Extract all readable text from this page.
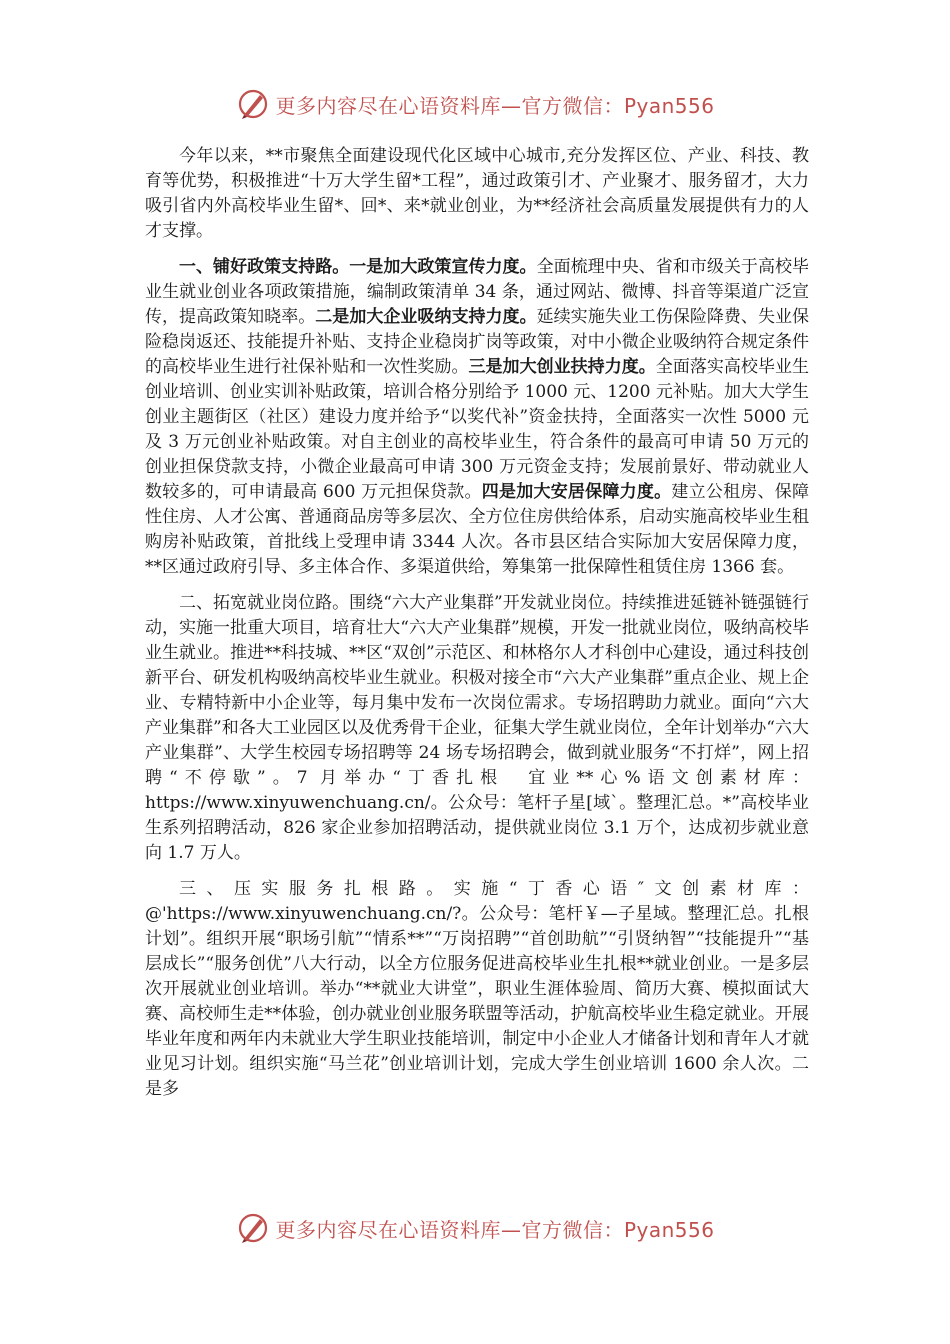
更多内容尽在心语资料库—官方微信：Pyan556

今年以来，**市聚焦全面建设现代化区域中心城市,充分发挥区位、产业、科技、教育等优势，积极推进“十万大学生留*工程”，通过政策引才、产业聚才、服务留才，大力吸引省内外高校毕业生留*、回*、来*就业创业，为**经济社会高质量发展提供有力的人才支撑。

一、铺好政策支持路。一是加大政策宣传力度。全面梳理中央、省和市级关于高校毕业生就业创业各项政策措施，编制政策清单 34 条，通过网站、微博、抖音等渠道广泛宣传，提高政策知晓率。二是加大企业吸纳支持力度。延续实施失业工伤保险降费、失业保险稳岗返还、技能提升补贴、支持企业稳岗扩岗等政策，对中小微企业吸纳符合规定条件的高校毕业生进行社保补贴和一次性奖励。三是加大创业扶持力度。全面落实高校毕业生创业培训、创业实训补贴政策，培训合格分别给予 1000 元、1200 元补贴。加大大学生创业主题街区（社区）建设力度并给予“以奖代补”资金扶持，全面落实一次性 5000 元及 3 万元创业补贴政策。对自主创业的高校毕业生，符合条件的最高可申请 50 万元的创业担保贷款支持，小微企业最高可申请 300 万元资金支持；发展前景好、带动就业人数较多的，可申请最高 600 万元担保贷款。四是加大安居保障力度。建立公租房、保障性住房、人才公寓、普通商品房等多层次、全方位住房供给体系，启动实施高校毕业生租购房补贴政策，首批线上受理申请 3344 人次。各市县区结合实际加大安居保障力度，**区通过政府引导、多主体合作、多渠道供给，筹集第一批保障性租赁住房 1366 套。

二、拓宽就业岗位路。围绕“六大产业集群”开发就业岗位。持续推进延链补链强链行动，实施一批重大项目，培育壮大“六大产业集群”规模，开发一批就业岗位，吸纳高校毕业生就业。推进**科技城、**区“双创”示范区、和林格尔人才科创中心建设，通过科技创新平台、研发机构吸纳高校毕业生就业。积极对接全市“六大产业集群”重点企业、规上企业、专精特新中小企业等，每月集中发布一次岗位需求。专场招聘助力就业。面向“六大产业集群”和各大工业园区以及优秀骨干企业，征集大学生就业岗位，全年计划举办“六大产业集群”、大学生校园专场招聘等 24 场专场招聘会，做到就业服务“不打烊”，网上招聘“不停歇”。7 月举办“丁香扎根　宜业**心%语文创素材库：https://www.xinyuwenchuang.cn/。公众号：笔杆子星[域`。整理汇总。*”高校毕业生系列招聘活动，826 家企业参加招聘活动，提供就业岗位 3.1 万个，达成初步就业意向 1.7 万人。

三、压实服务扎根路。实施“丁香心语″文创素材库：@'https://www.xinyuwenchuang.cn/?。公众号：笔杆￥—子星域。整理汇总。扎根计划”。组织开展“职场引航”“情系**”“万岗招聘”“首创助航”“引贤纳智”“技能提升”“基层成长”“服务创优”八大行动，以全方位服务促进高校毕业生扎根**就业创业。一是多层次开展就业创业培训。举办“**就业大讲堂”，职业生涯体验周、简历大赛、模拟面试大赛、高校师生走**体验，创办就业创业服务联盟等活动，护航高校毕业生稳定就业。开展毕业年度和两年内未就业大学生职业技能培训，制定中小企业人才储备计划和青年人才就业见习计划。组织实施“马兰花”创业培训计划，完成大学生创业培训 1600 余人次。二是多

更多内容尽在心语资料库—官方微信：Pyan556
